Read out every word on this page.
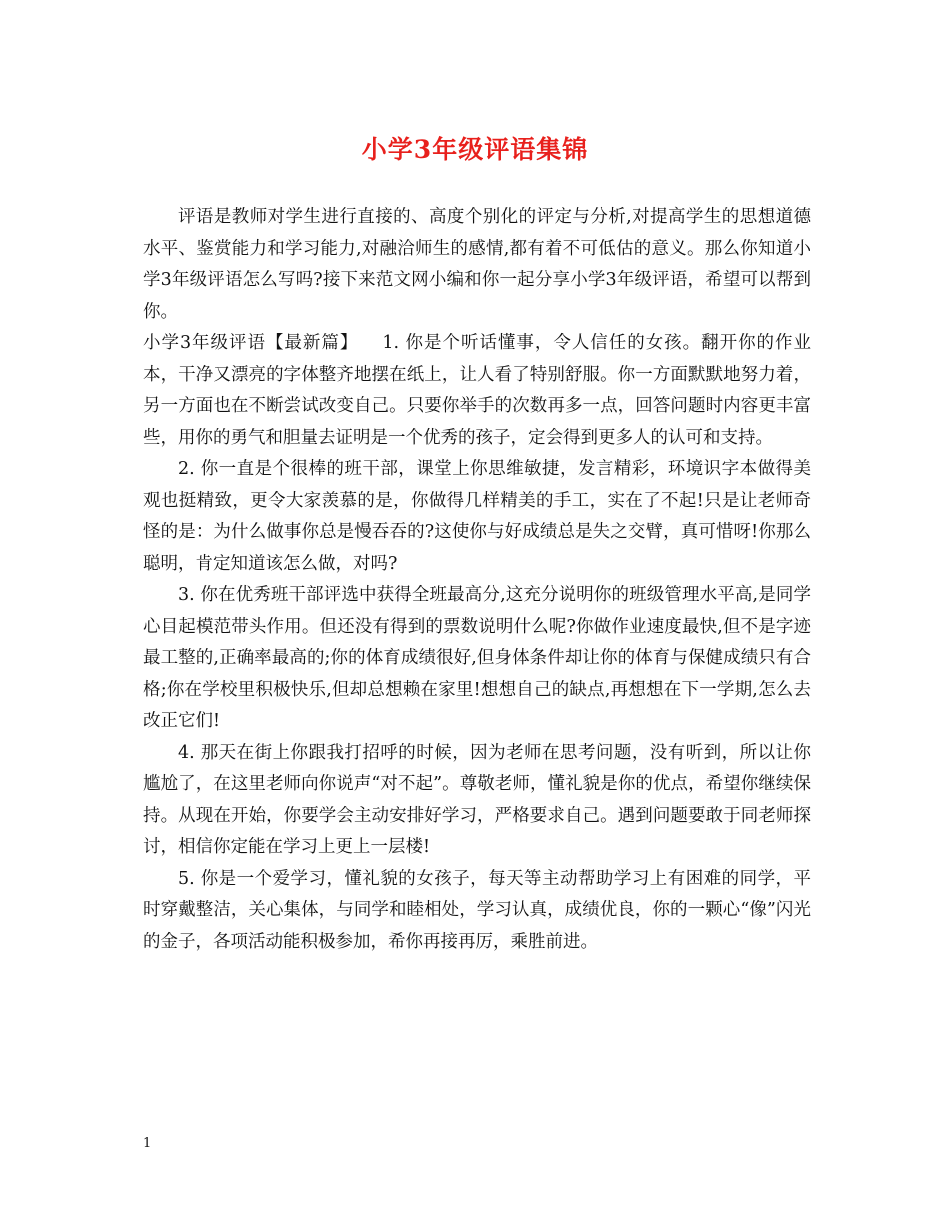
小学3年级评语集锦

评语是教师对学生进行直接的、高度个别化的评定与分析,对提高学生的思想道德水平、鉴赏能力和学习能力,对融洽师生的感情,都有着不可低估的意义。那么你知道小学3年级评语怎么写吗?接下来范文网小编和你一起分享小学3年级评语，希望可以帮到你。

小学3年级评语【最新篇】 1. 你是个听话懂事，令人信任的女孩。翻开你的作业本，干净又漂亮的字体整齐地摆在纸上，让人看了特别舒服。你一方面默默地努力着，另一方面也在不断尝试改变自己。只要你举手的次数再多一点，回答问题时内容更丰富些，用你的勇气和胆量去证明是一个优秀的孩子，定会得到更多人的认可和支持。

2. 你一直是个很棒的班干部，课堂上你思维敏捷，发言精彩，环境识字本做得美观也挺精致，更令大家羡慕的是，你做得几样精美的手工，实在了不起!只是让老师奇怪的是：为什么做事你总是慢吞吞的?这使你与好成绩总是失之交臂，真可惜呀!你那么聪明，肯定知道该怎么做，对吗?

3. 你在优秀班干部评选中获得全班最高分,这充分说明你的班级管理水平高,是同学心目起模范带头作用。但还没有得到的票数说明什么呢?你做作业速度最快,但不是字迹最工整的,正确率最高的;你的体育成绩很好,但身体条件却让你的体育与保健成绩只有合格;你在学校里积极快乐,但却总想赖在家里!想想自己的缺点,再想想在下一学期,怎么去改正它们!

4. 那天在街上你跟我打招呼的时候，因为老师在思考问题，没有听到，所以让你尴尬了，在这里老师向你说声“对不起”。尊敬老师，懂礼貌是你的优点，希望你继续保持。从现在开始，你要学会主动安排好学习，严格要求自己。遇到问题要敢于同老师探讨，相信你定能在学习上更上一层楼!

5. 你是一个爱学习，懂礼貌的女孩子，每天等主动帮助学习上有困难的同学，平时穿戴整洁，关心集体，与同学和睦相处，学习认真，成绩优良，你的一颗心“像”闪光的金子，各项活动能积极参加，希你再接再厉，乘胜前进。

1
